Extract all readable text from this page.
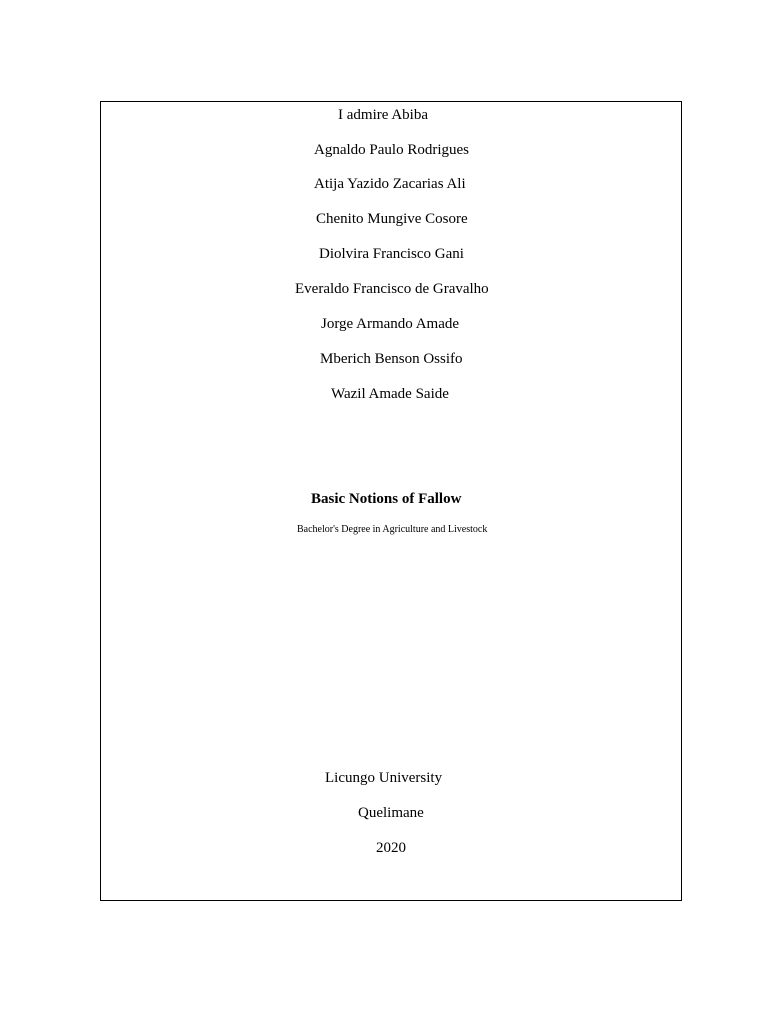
I admire Abiba
Agnaldo Paulo Rodrigues
Atija Yazido Zacarias Ali
Chenito Mungive Cosore
Diolvira Francisco Gani
Everaldo Francisco de Gravalho
Jorge Armando Amade
Mberich Benson Ossifo
Wazil Amade Saide
Basic Notions of Fallow
Bachelor's Degree in Agriculture and Livestock
Licungo University
Quelimane
2020
